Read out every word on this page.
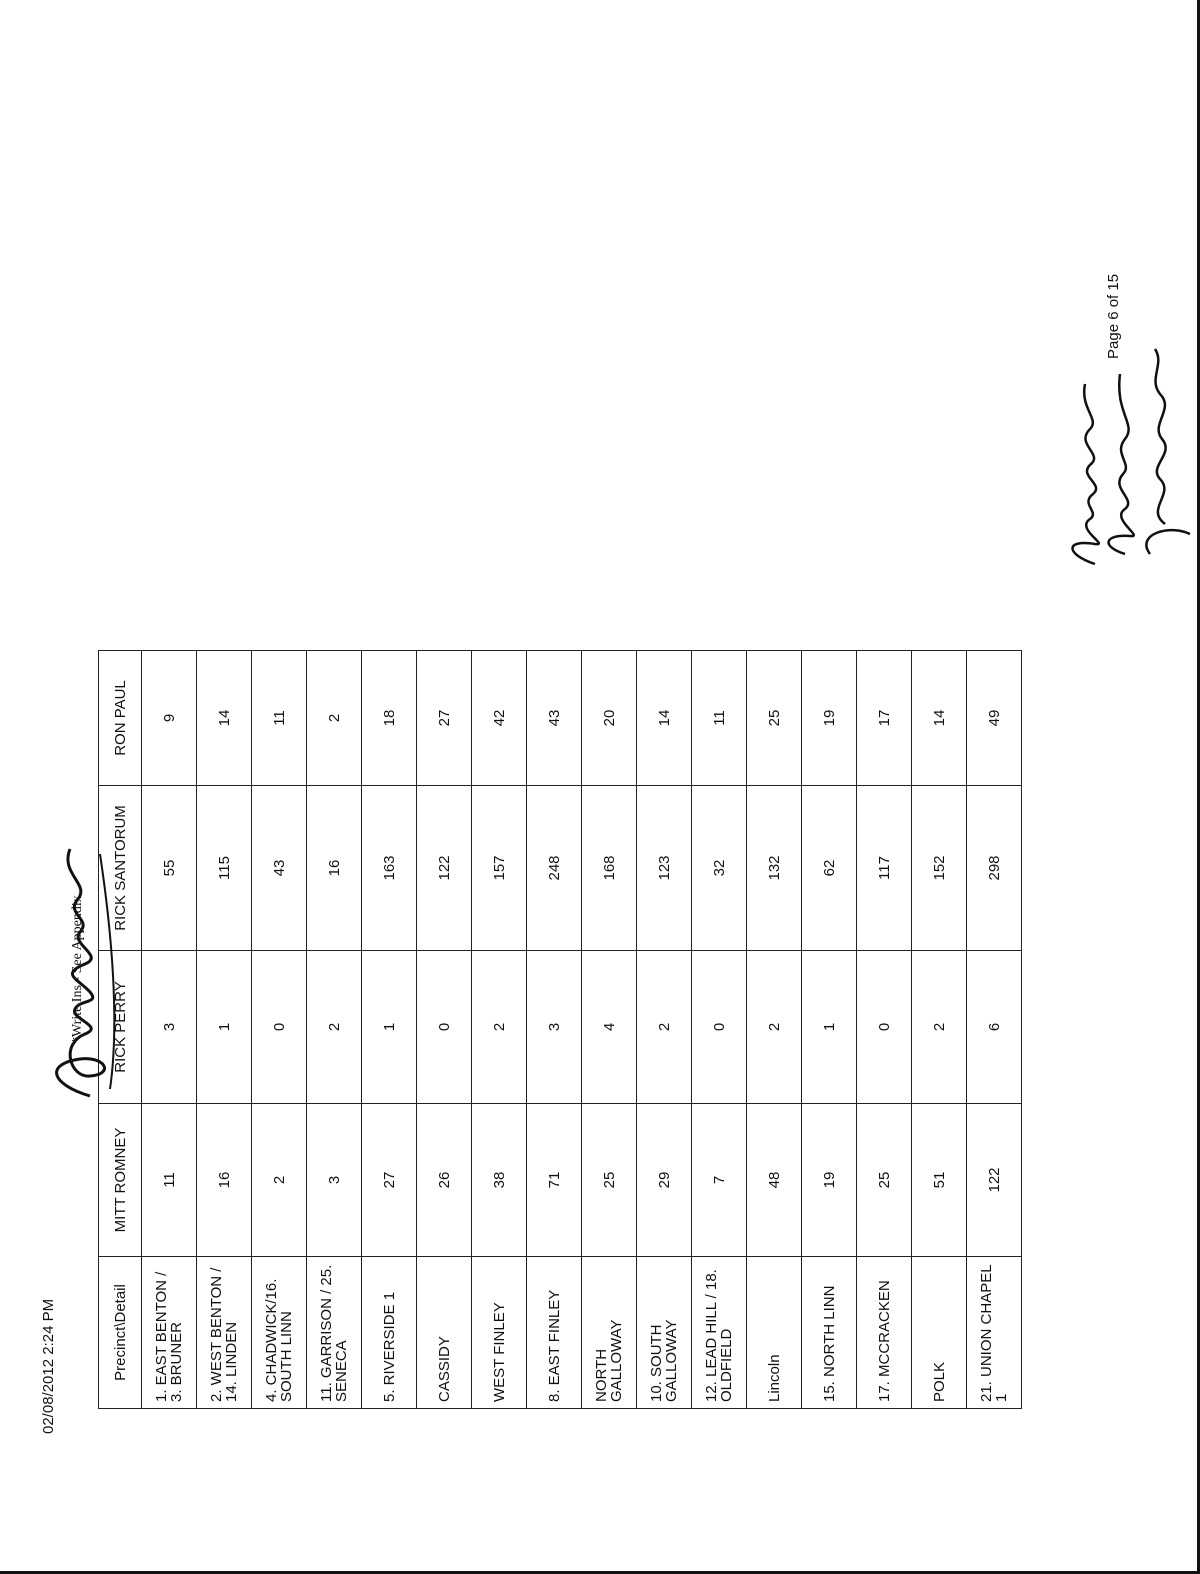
Precinct\Detail	MITT ROMNEY	RICK PERRY	RICK SANTORUM	RON PAUL
1. EAST BENTON / 3. BRUNER	11	3	55	9
2. WEST BENTON / 14. LINDEN	16	1	115	14
4. CHADWICK/16. SOUTH LINN	2	0	43	11
11. GARRISON / 25. SENECA	3	2	16	2
5. RIVERSIDE 1	27	1	163	18
CASSIDY	26	0	122	27
WEST FINLEY	38	2	157	42
8. EAST FINLEY	71	3	248	43
NORTH GALLOWAY	25	4	168	20
10. SOUTH GALLOWAY	29	2	123	14
12. LEAD HILL / 18. OLDFIELD	7	0	32	11
Lincoln	48	2	132	25
15. NORTH LINN	19	1	62	19
17. MCCRACKEN	25	0	117	17
POLK	51	2	152	14
21. UNION CHAPEL 1	122	6	298	49
02/08/2012 2:24 PM
*Write Ins - See Appendix
Page 6 of 15
